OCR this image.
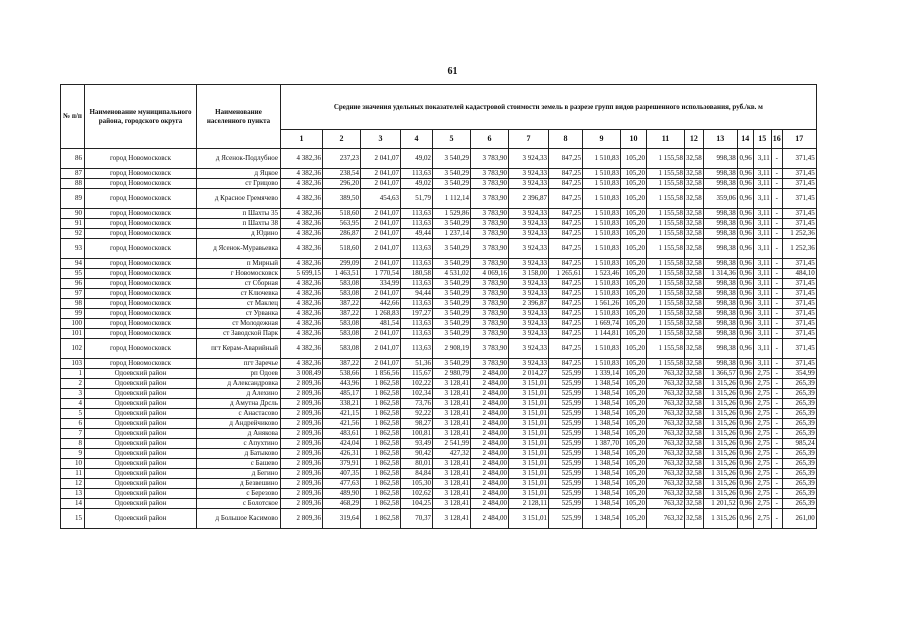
61
№ п/п	Наименование муниципального района, городского округа	Наименование населенного пункта	Средние значения удельных показателей кадастровой стоимости земель в разрезе групп видов разрешенного использования, руб./кв. м																
			1	2	3	4	5	6	7	8	9	10	11	12	13	14	15	16	17
86	город Новомосковск	д Ясенок-Подлубное	4 382,36	237,23	2 041,07	49,02	3 540,29	3 783,90	3 924,33	847,25	1 510,83	105,20	1 155,58	32,58	998,38	0,96	3,11	-	371,45
87	город Новомосковск	д Яцкое	4 382,36	238,54	2 041,07	113,63	3 540,29	3 783,90	3 924,33	847,25	1 510,83	105,20	1 155,58	32,58	998,38	0,96	3,11	-	371,45
88	город Новомосковск	ст Грицово	4 382,36	296,20	2 041,07	49,02	3 540,29	3 783,90	3 924,33	847,25	1 510,83	105,20	1 155,58	32,58	998,38	0,96	3,11	-	371,45
89	город Новомосковск	д Красное Гремячево	4 382,36	389,50	454,63	51,79	1 112,14	3 783,90	2 396,87	847,25	1 510,83	105,20	1 155,58	32,58	359,06	0,96	3,11	-	371,45
90	город Новомосковск	п Шахты 35	4 382,36	518,60	2 041,07	113,63	1 529,86	3 783,90	3 924,33	847,25	1 510,83	105,20	1 155,58	32,58	998,38	0,96	3,11	-	371,45
91	город Новомосковск	п Шахты 38	4 382,36	563,95	2 041,07	113,63	3 540,29	3 783,90	3 924,33	847,25	1 510,83	105,20	1 155,58	32,58	998,38	0,96	3,11	-	371,45
92	город Новомосковск	д Юдино	4 382,36	286,87	2 041,07	49,44	1 237,14	3 783,90	3 924,33	847,25	1 510,83	105,20	1 155,58	32,58	998,38	0,96	3,11	-	1 252,36
93	город Новомосковск	д Ясенок-Муравьевка	4 382,36	518,60	2 041,07	113,63	3 540,29	3 783,90	3 924,33	847,25	1 510,83	105,20	1 155,58	32,58	998,38	0,96	3,11	-	1 252,36
94	город Новомосковск	п Мирный	4 382,36	299,09	2 041,07	113,63	3 540,29	3 783,90	3 924,33	847,25	1 510,83	105,20	1 155,58	32,58	998,38	0,96	3,11	-	371,45
95	город Новомосковск	г Новомосковск	5 699,15	1 463,51	1 770,54	180,58	4 531,02	4 069,16	3 158,00	1 265,61	1 523,46	105,20	1 155,58	32,58	1 314,36	0,96	3,11	-	484,10
96	город Новомосковск	ст Сборная	4 382,36	583,08	334,99	113,63	3 540,29	3 783,90	3 924,33	847,25	1 510,83	105,20	1 155,58	32,58	998,38	0,96	3,11	-	371,45
97	город Новомосковск	ст Ключевка	4 382,36	583,08	2 041,07	94,44	3 540,29	3 783,90	3 924,33	847,25	1 510,83	105,20	1 155,58	32,58	998,38	0,96	3,11	-	371,45
98	город Новомосковск	ст Маклец	4 382,36	387,22	442,66	113,63	3 540,29	3 783,90	2 396,87	847,25	1 561,26	105,20	1 155,58	32,58	998,38	0,96	3,11	-	371,45
99	город Новомосковск	ст Урванка	4 382,36	387,22	1 268,83	197,27	3 540,29	3 783,90	3 924,33	847,25	1 510,83	105,20	1 155,58	32,58	998,38	0,96	3,11	-	371,45
100	город Новомосковск	ст Молодежная	4 382,36	583,08	481,54	113,63	3 540,29	3 783,90	3 924,33	847,25	1 669,74	105,20	1 155,58	32,58	998,38	0,96	3,11	-	371,45
101	город Новомосковск	ст Заводской Парк	4 382,36	583,08	2 041,07	113,63	3 540,29	3 783,90	3 924,33	847,25	1 144,81	105,20	1 155,58	32,58	998,38	0,96	3,11	-	371,45
102	город Новомосковск	пгт Керам-Аварийный	4 382,36	583,08	2 041,07	113,63	2 908,19	3 783,90	3 924,33	847,25	1 510,83	105,20	1 155,58	32,58	998,38	0,96	3,11	-	371,45
103	город Новомосковск	пгт Заречье	4 382,36	387,22	2 041,07	51,36	3 540,29	3 783,90	3 924,33	847,25	1 510,83	105,20	1 155,58	32,58	998,38	0,96	3,11	-	371,45
1	Одоевский район	рп Одоев	3 008,49	538,66	1 856,56	115,67	2 980,79	2 484,00	2 014,27	525,99	1 339,14	105,20	763,32	32,58	1 366,57	0,96	2,75	-	354,99
2	Одоевский район	д Александровка	2 809,36	443,96	1 862,58	102,22	3 128,41	2 484,00	3 151,01	525,99	1 348,54	105,20	763,32	32,58	1 315,26	0,96	2,75	-	265,39
3	Одоевский район	д Алехино	2 809,36	485,17	1 862,58	102,34	3 128,41	2 484,00	3 151,01	525,99	1 348,54	105,20	763,32	32,58	1 315,26	0,96	2,75	-	265,39
4	Одоевский район	д Амутна Дрсль	2 809,36	338,21	1 862,58	73,76	3 128,41	2 484,00	3 151,01	525,99	1 348,54	105,20	763,32	32,58	1 315,26	0,96	2,75	-	265,39
5	Одоевский район	с Анастасово	2 809,36	421,15	1 862,58	92,22	3 128,41	2 484,00	3 151,01	525,99	1 348,54	105,20	763,32	32,58	1 315,26	0,96	2,75	-	265,39
6	Одоевский район	д Андрейчиково	2 809,36	421,56	1 862,58	98,27	3 128,41	2 484,00	3 151,01	525,99	1 348,54	105,20	763,32	32,58	1 315,26	0,96	2,75	-	265,39
7	Одоевский район	д Анякова	2 809,36	483,61	1 862,58	100,81	3 128,41	2 484,00	3 151,01	525,99	1 348,54	105,20	763,32	32,58	1 315,26	0,96	2,75	-	265,39
8	Одоевский район	с Апухтино	2 809,36	424,04	1 862,58	93,49	2 541,99	2 484,00	3 151,01	525,99	1 387,70	105,20	763,32	32,58	1 315,26	0,96	2,75	-	985,24
9	Одоевский район	д Батыково	2 809,36	426,31	1 862,58	90,42	427,32	2 484,00	3 151,01	525,99	1 348,54	105,20	763,32	32,58	1 315,26	0,96	2,75	-	265,39
10	Одоевский район	с Башево	2 809,36	379,91	1 862,58	80,01	3 128,41	2 484,00	3 151,01	525,99	1 348,54	105,20	763,32	32,58	1 315,26	0,96	2,75	-	265,39
11	Одоевский район	д Бегино	2 809,36	407,35	1 862,58	84,84	3 128,41	2 484,00	3 151,01	525,99	1 348,54	105,20	763,32	32,58	1 315,26	0,96	2,75	-	265,39
12	Одоевский район	д Безвешино	2 809,36	477,63	1 862,58	105,30	3 128,41	2 484,00	3 151,01	525,99	1 348,54	105,20	763,32	32,58	1 315,26	0,96	2,75	-	265,39
13	Одоевский район	с Березово	2 809,36	489,90	1 862,58	102,62	3 128,41	2 484,00	3 151,01	525,99	1 348,54	105,20	763,32	32,58	1 315,26	0,96	2,75	-	265,39
14	Одоевский район	с Болотское	2 809,36	468,29	1 862,58	104,25	3 128,41	2 484,00	2 128,11	525,99	1 348,54	105,20	763,32	32,58	1 201,52	0,96	2,75	-	265,39
15	Одоевский район	д Большое Касимово	2 809,36	319,64	1 862,58	70,37	3 128,41	2 484,00	3 151,01	525,99	1 348,54	105,20	763,32	32,58	1 315,26	0,96	2,75	-	261,00
